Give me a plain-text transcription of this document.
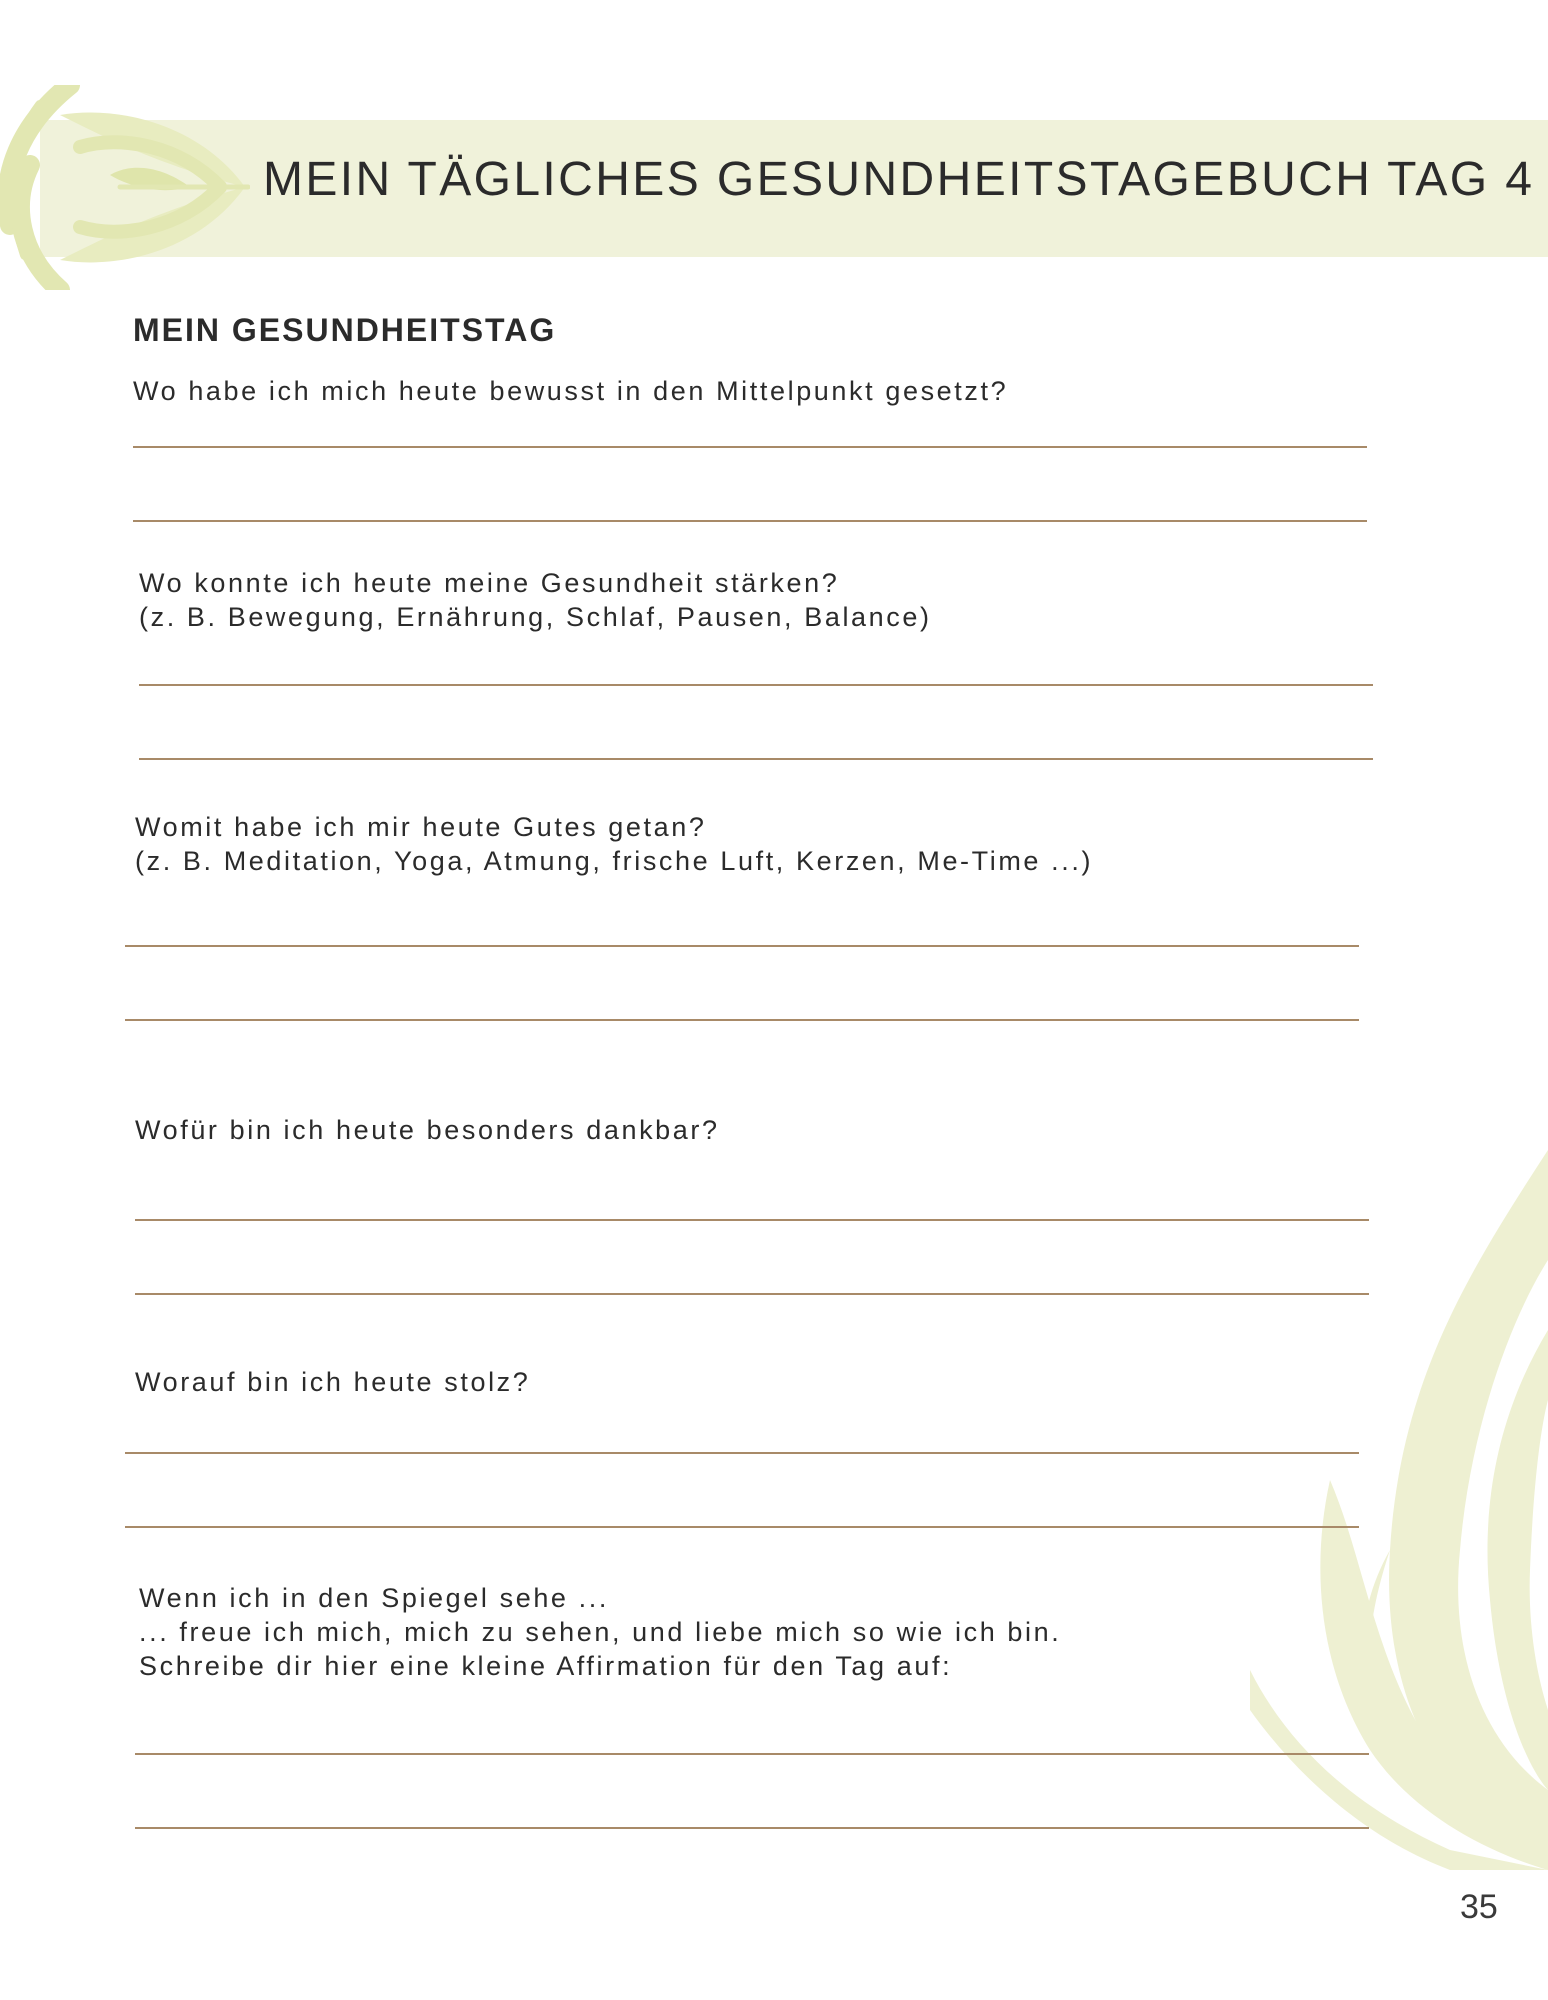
MEIN TÄGLICHES GESUNDHEITSTAGEBUCH TAG 4
MEIN GESUNDHEITSTAG
Wo habe ich mich heute bewusst in den Mittelpunkt gesetzt?
Wo konnte ich heute meine Gesundheit stärken?
(z. B. Bewegung, Ernährung, Schlaf, Pausen, Balance)
Womit habe ich mir heute Gutes getan?
(z. B. Meditation, Yoga, Atmung, frische Luft, Kerzen, Me-Time ...)
Wofür bin ich heute besonders dankbar?
Worauf bin ich heute stolz?
Wenn ich in den Spiegel sehe ...
... freue ich mich, mich zu sehen, und liebe mich so wie ich bin.
Schreibe dir hier eine kleine Affirmation für den Tag auf:

35
